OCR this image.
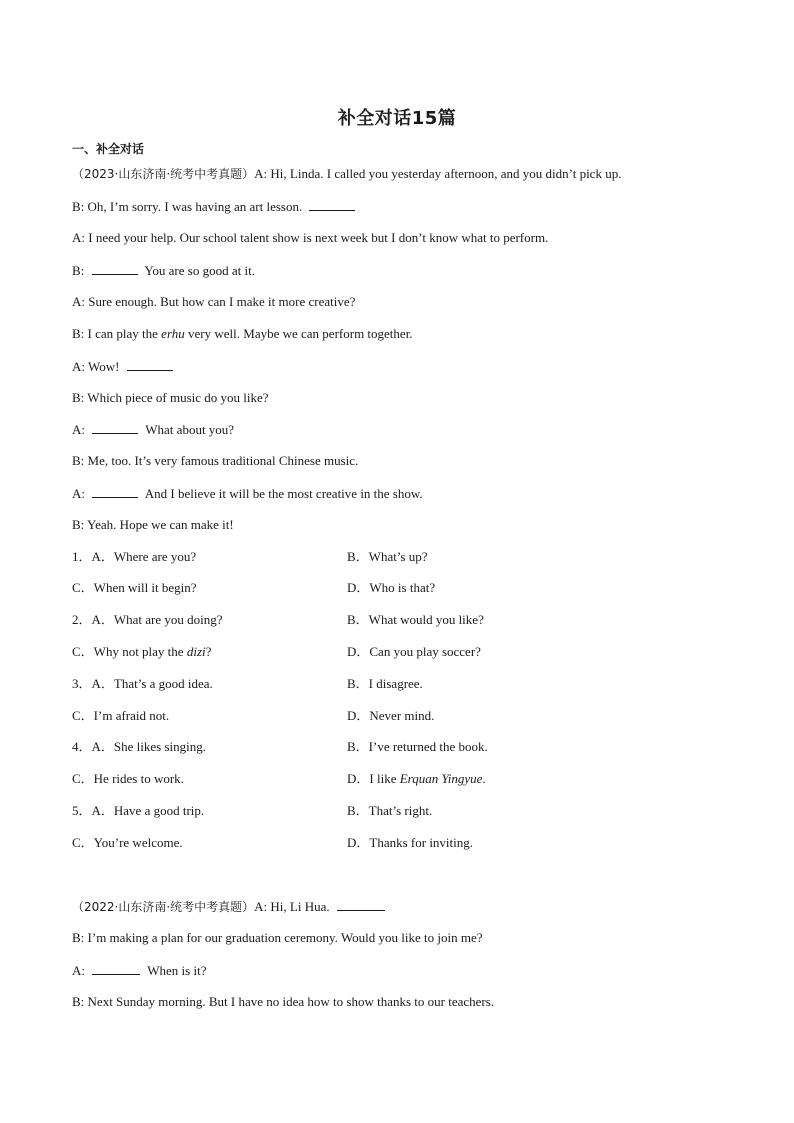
补全对话15篇
一、补全对话
（2023·山东济南·统考中考真题）A: Hi, Linda. I called you yesterday afternoon, and you didn’t pick up.
B: Oh, I’m sorry. I was having an art lesson.
A: I need your help. Our school talent show is next week but I don’t know what to perform.
B:	You are so good at it.
A: Sure enough. But how can I make it more creative?
B: I can play the erhu very well. Maybe we can perform together.
A: Wow!
B: Which piece of music do you like?
A:	What about you?
B: Me, too. It’s very famous traditional Chinese music.
A:	And I believe it will be the most creative in the show.
B: Yeah. Hope we can make it!
1．A．Where are you?	B．What’s up?
C．When will it begin?	D．Who is that?
2．A．What are you doing?	B．What would you like?
C．Why not play the dizi?	D．Can you play soccer?
3．A．That’s a good idea.	B．I disagree.
C．I’m afraid not.	D．Never mind.
4．A．She likes singing.	B．I’ve returned the book.
C．He rides to work.	D．I like Erquan Yingyue.
5．A．Have a good trip.	B．That’s right.
C．You’re welcome.	D．Thanks for inviting.
（2022·山东济南·统考中考真题）A: Hi, Li Hua.
B: I’m making a plan for our graduation ceremony. Would you like to join me?
A:	When is it?
B: Next Sunday morning. But I have no idea how to show thanks to our teachers.
